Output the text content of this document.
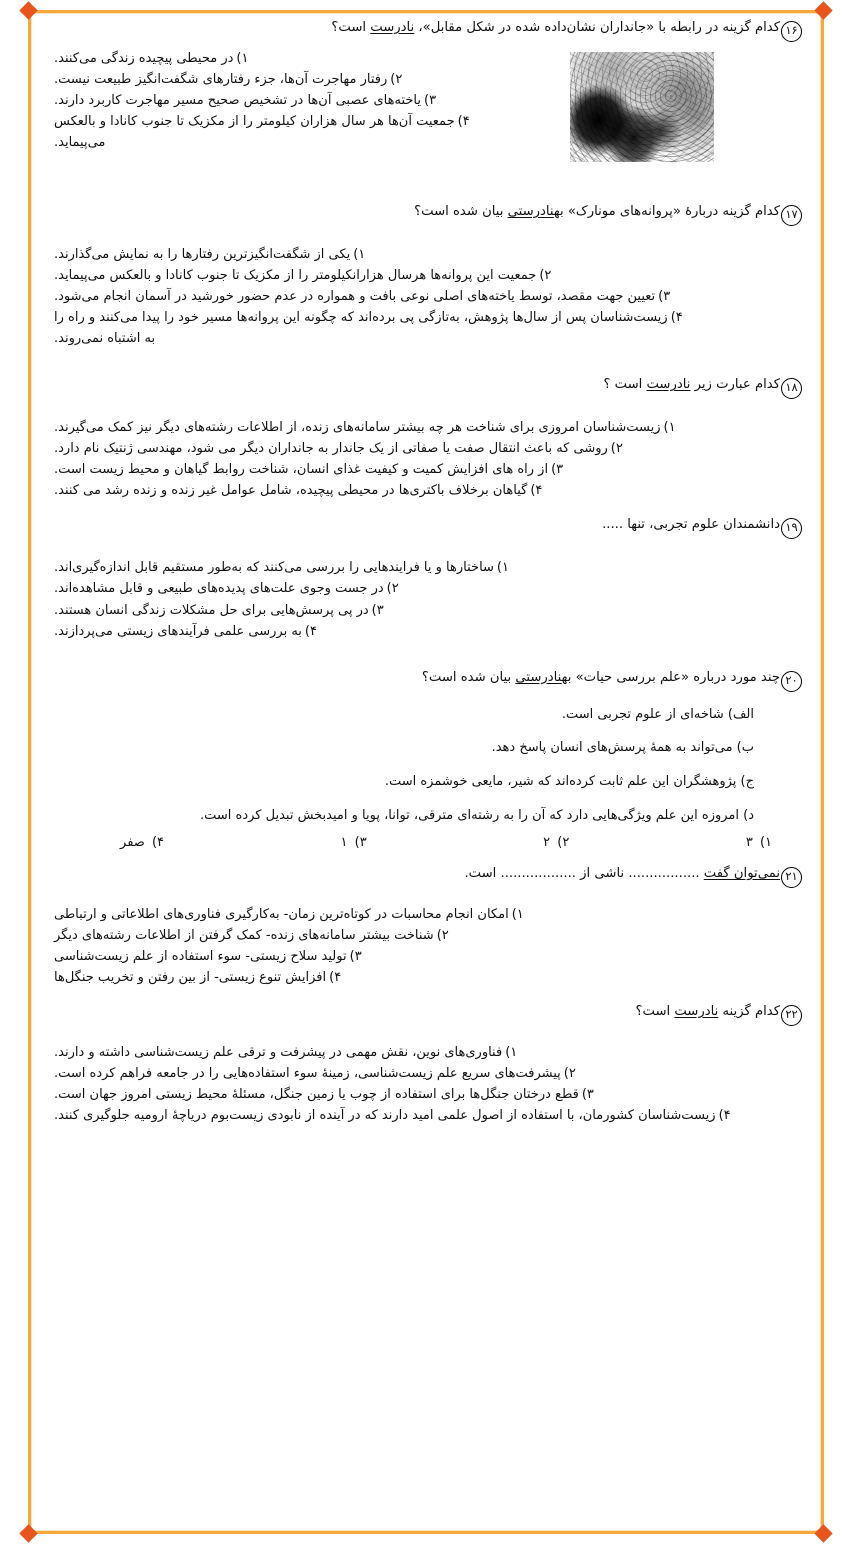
۱۶کدام گزینه در رابطه با «جانداران نشان‌داده شده در شکل مقابل»، نادرست است؟
۱)در محیطی پیچیده زندگی می‌کنند.
۲)رفتار مهاجرت آن‌ها، جزء رفتارهای شگفت‌انگیز طبیعت نیست.
۳)یاخته‌های عصبی آن‌ها در تشخیص صحیح مسیر مهاجرت کاربرد دارند.
۴)جمعیت آن‌ها هر سال هزاران کیلومتر را از مکزیک تا جنوب کانادا و بالعکس می‌پیماید.
۱۷کدام گزینه دربارهٔ «پروانه‌های مونارک» بهنادرستی بیان شده است؟
۱)یکی از شگفت‌انگیزترین رفتارها را به نمایش می‌گذارند.
۲)جمعیت این پروانه‌ها هرسال هزارانکیلومتر را از مکزیک تا جنوب کانادا و بالعکس می‌پیماید.
۳)تعیین جهت مقصد، توسط یاخته‌های اصلی نوعی بافت و همواره در عدم حضور خورشید در آسمان انجام می‌شود.
۴)زیست‌شناسان پس از سال‌ها پژوهش، به‌تازگی پی برده‌اند که چگونه این پروانه‌ها مسیر خود را پیدا می‌کنند و راه را به اشتباه نمی‌روند.
۱۸کدام عبارت زیر نادرست است ؟
۱)زیست‌شناسان امروزی برای شناخت هر چه بیشتر سامانه‌های زنده، از اطلاعات رشته‌های دیگر نیز کمک می‌گیرند.
۲)روشی که باعث انتقال صفت یا صفاتی از یک جاندار به جانداران دیگر می شود، مهندسی ژنتیک نام دارد.
۳)از راه های افزایش کمیت و کیفیت غذای انسان، شناخت روابط گیاهان و محیط زیست است.
۴)گیاهان برخلاف باکتری‌ها در محیطی پیچیده، شامل عوامل غیر زنده و زنده رشد می کنند.
۱۹دانشمندان علوم تجربی، تنها .....
۱)ساختارها و یا فرایندهایی را بررسی می‌کنند که به‌طور مستقیم قابل اندازه‌گیری‌اند.
۲)در جست وجوی علت‌های پدیده‌های طبیعی و قابل مشاهده‌اند.
۳)در پی پرسش‌هایی برای حل مشکلات زندگی انسان هستند.
۴)به بررسی علمی فرآیندهای زیستی می‌پردازند.
۲۰چند مورد درباره «علم بررسی حیات» بهنادرستی بیان شده است؟
الف) شاخه‌ای از علوم تجربی است.
ب) می‌تواند به همهٔ پرسش‌های انسان پاسخ دهد.
ج) پژوهشگران این علم ثابت کرده‌اند که شیر، مایعی خوشمزه است.
د) امروزه این علم ویژگی‌هایی دارد که آن را به رشته‌ای مترقی، توانا، پویا و امیدبخش تبدیل کرده است.
۱) ۳
۲) ۲
۳) ۱
۴) صفر
۲۱نمی‌توان گفت ................. ناشی از .................. است.
۱)امکان انجام محاسبات در کوتاه‌ترین زمان- به‌کارگیری فناوری‌های اطلاعاتی و ارتباطی
۲)شناخت بیشتر سامانه‌های زنده- کمک گرفتن از اطلاعات رشته‌های دیگر
۳)تولید سلاح زیستی- سوء استفاده از علم زیست‌شناسی
۴)افزایش تنوع زیستی- از بین رفتن و تخریب جنگل‌ها
۲۲کدام گزینه نادرست است؟
۱)فناوری‌های نوین، نقش مهمی در پیشرفت و ترقی علم زیست‌شناسی داشته و دارند.
۲)پیشرفت‌های سریع علم زیست‌شناسی، زمینهٔ سوء استفاده‌هایی را در جامعه فراهم کرده است.
۳)قطع درختان جنگل‌ها برای استفاده از چوب یا زمین جنگل، مسئلهٔ محیط زیستی امروز جهان است.
۴)زیست‌شناسان کشورمان، با استفاده از اصول علمی امید دارند که در آینده از نابودی زیست‌بوم دریاچهٔ ارومیه جلوگیری کنند.
